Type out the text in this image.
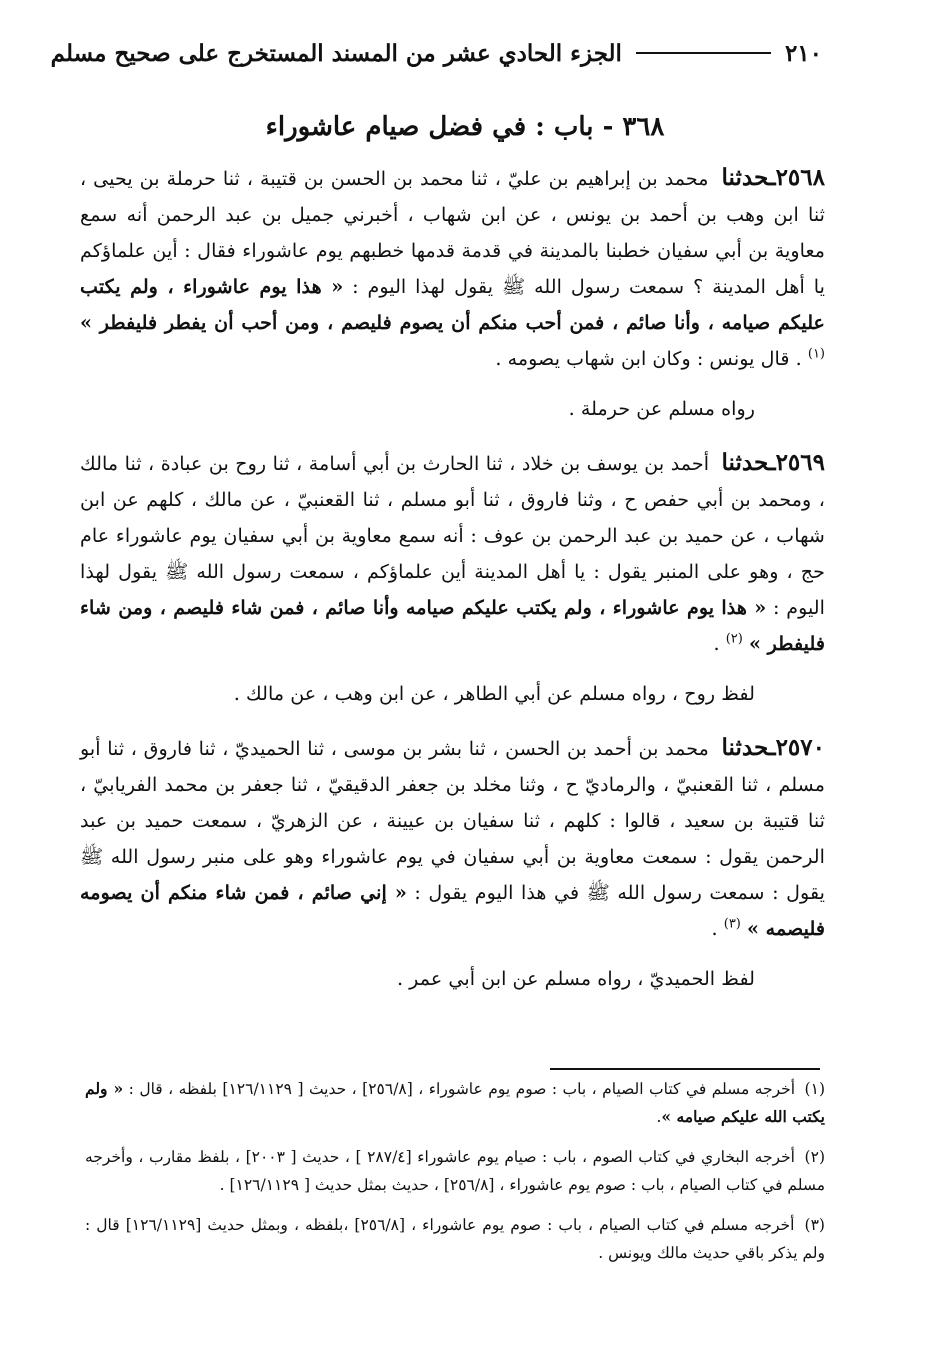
٢١٠
الجزء الحادي عشر من المسند المستخرج على صحيح مسلم
٣٦٨ - باب : في فضل صيام عاشوراء

٢٥٦٨ـحدثنا محمد بن إبراهيم بن عليّ ، ثنا محمد بن الحسن بن قتيبة ، ثنا حرملة بن يحيى ، ثنا ابن وهب بن أحمد بن يونس ، عن ابن شهاب ، أخبرني جميل بن عبد الرحمن أنه سمع معاوية بن أبي سفيان خطبنا بالمدينة في قدمة قدمها خطبهم يوم عاشوراء فقال : أين علماؤكم يا أهل المدينة ؟ سمعت رسول الله ﷺ يقول لهذا اليوم : « هذا يوم عاشوراء ، ولم يكتب عليكم صيامه ، وأنا صائم ، فمن أحب منكم أن يصوم فليصم ، ومن أحب أن يفطر فليفطر » $^{(١)}$ . قال يونس : وكان ابن شهاب يصومه .

رواه مسلم عن حرملة .

٢٥٦٩ـحدثنا أحمد بن يوسف بن خلاد ، ثنا الحارث بن أبي أسامة ، ثنا روح بن عبادة ، ثنا مالك ، ومحمد بن أبي حفص ح ، وثنا فاروق ، ثنا أبو مسلم ، ثنا القعنبيّ ، عن مالك ، كلهم عن ابن شهاب ، عن حميد بن عبد الرحمن بن عوف : أنه سمع معاوية بن أبي سفيان يوم عاشوراء عام حج ، وهو على المنبر يقول : يا أهل المدينة أين علماؤكم ، سمعت رسول الله ﷺ يقول لهذا اليوم : « هذا يوم عاشوراء ، ولم يكتب عليكم صيامه وأنا صائم ، فمن شاء فليصم ، ومن شاء فليفطر » $^{(٢)}$ .

لفظ روح ، رواه مسلم عن أبي الطاهر ، عن ابن وهب ، عن مالك .

٢٥٧٠ـحدثنا محمد بن أحمد بن الحسن ، ثنا بشر بن موسى ، ثنا الحميديّ ، ثنا فاروق ، ثنا أبو مسلم ، ثنا القعنبيّ ، والرماديّ ح ، وثنا مخلد بن جعفر الدقيقيّ ، ثنا جعفر بن محمد الفريابيّ ، ثنا قتيبة بن سعيد ، قالوا : كلهم ، ثنا سفيان بن عيينة ، عن الزهريّ ، سمعت حميد بن عبد الرحمن يقول : سمعت معاوية بن أبي سفيان في يوم عاشوراء وهو على منبر رسول الله ﷺ يقول : سمعت رسول الله ﷺ في هذا اليوم يقول : « إني صائم ، فمن شاء منكم أن يصومه فليصمه » $^{(٣)}$ .

لفظ الحميديّ ، رواه مسلم عن ابن أبي عمر .

(١) أخرجه مسلم في كتاب الصيام ، باب : صوم يوم عاشوراء ، [٢٥٦/٨] ، حديث [ ١٢٦/١١٢٩] بلفظه ، قال : « ولم يكتب الله عليكم صيامه ».

(٢) أخرجه البخاري في كتاب الصوم ، باب : صيام يوم عاشوراء [٢٨٧/٤ ] ، حديث [ ٢٠٠٣] ، بلفظ مقارب ، وأخرجه مسلم في كتاب الصيام ، باب : صوم يوم عاشوراء ، [٢٥٦/٨] ، حديث بمثل حديث [ ١٢٦/١١٢٩] .

(٣) أخرجه مسلم في كتاب الصيام ، باب : صوم يوم عاشوراء ، [٢٥٦/٨] ،بلفظه ، وبمثل حديث [١٢٦/١١٢٩] قال : ولم يذكر باقي حديث مالك ويونس .
